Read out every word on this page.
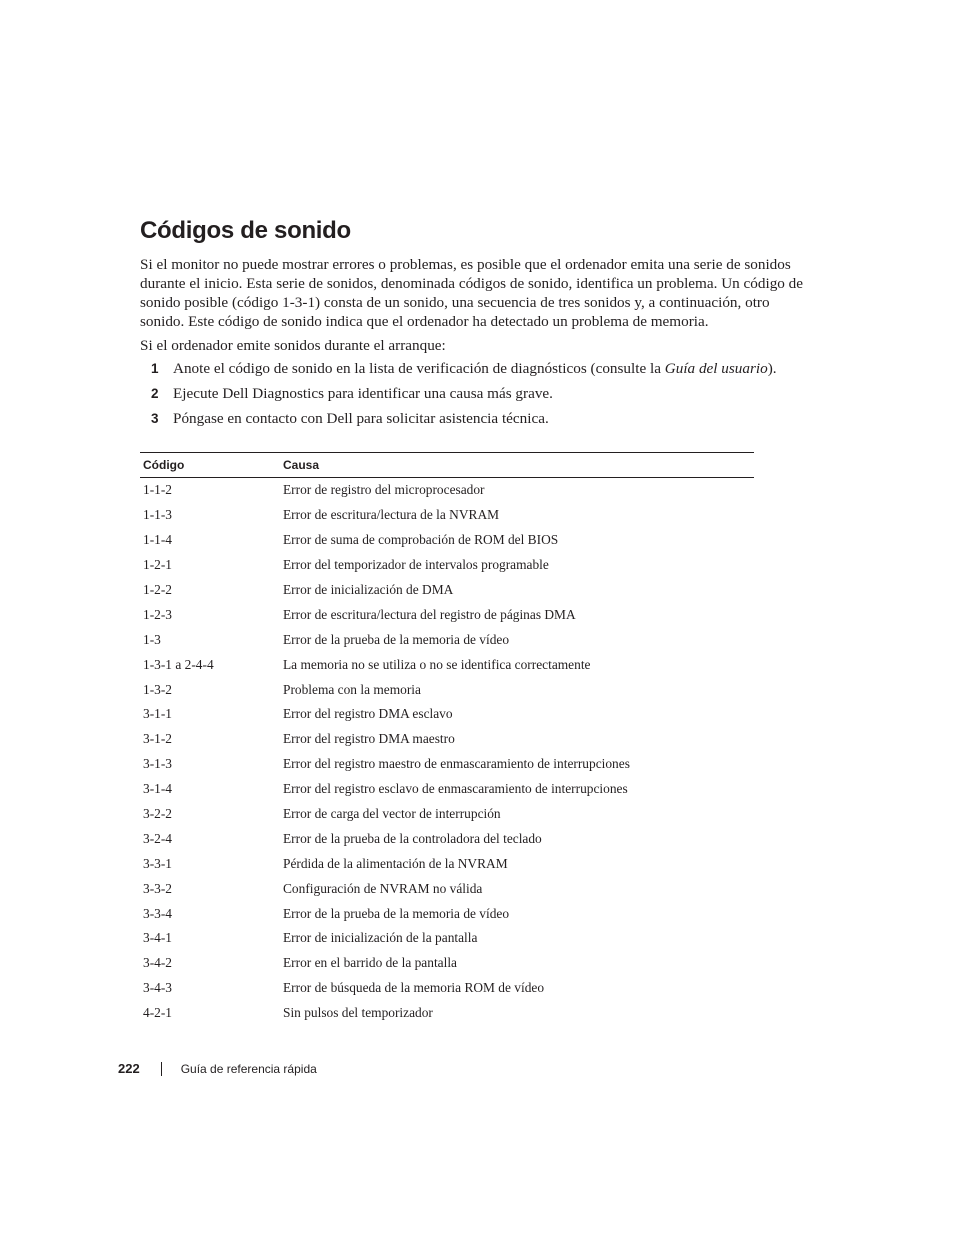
Códigos de sonido

Si el monitor no puede mostrar errores o problemas, es posible que el ordenador emita una serie de sonidos durante el inicio. Esta serie de sonidos, denominada códigos de sonido, identifica un problema. Un código de sonido posible (código 1-3-1) consta de un sonido, una secuencia de tres sonidos y, a continuación, otro sonido. Este código de sonido indica que el ordenador ha detectado un problema de memoria.

Si el ordenador emite sonidos durante el arranque:

1 Anote el código de sonido en la lista de verificación de diagnósticos (consulte la Guía del usuario).
2 Ejecute Dell Diagnostics para identificar una causa más grave.
3 Póngase en contacto con Dell para solicitar asistencia técnica.
Código	Causa
1-1-2	Error de registro del microprocesador
1-1-3	Error de escritura/lectura de la NVRAM
1-1-4	Error de suma de comprobación de ROM del BIOS
1-2-1	Error del temporizador de intervalos programable
1-2-2	Error de inicialización de DMA
1-2-3	Error de escritura/lectura del registro de páginas DMA
1-3	Error de la prueba de la memoria de vídeo
1-3-1 a 2-4-4	La memoria no se utiliza o no se identifica correctamente
1-3-2	Problema con la memoria
3-1-1	Error del registro DMA esclavo
3-1-2	Error del registro DMA maestro
3-1-3	Error del registro maestro de enmascaramiento de interrupciones
3-1-4	Error del registro esclavo de enmascaramiento de interrupciones
3-2-2	Error de carga del vector de interrupción
3-2-4	Error de la prueba de la controladora del teclado
3-3-1	Pérdida de la alimentación de la NVRAM
3-3-2	Configuración de NVRAM no válida
3-3-4	Error de la prueba de la memoria de vídeo
3-4-1	Error de inicialización de la pantalla
3-4-2	Error en el barrido de la pantalla
3-4-3	Error de búsqueda de la memoria ROM de vídeo
4-2-1	Sin pulsos del temporizador
222	Guía de referencia rápida
